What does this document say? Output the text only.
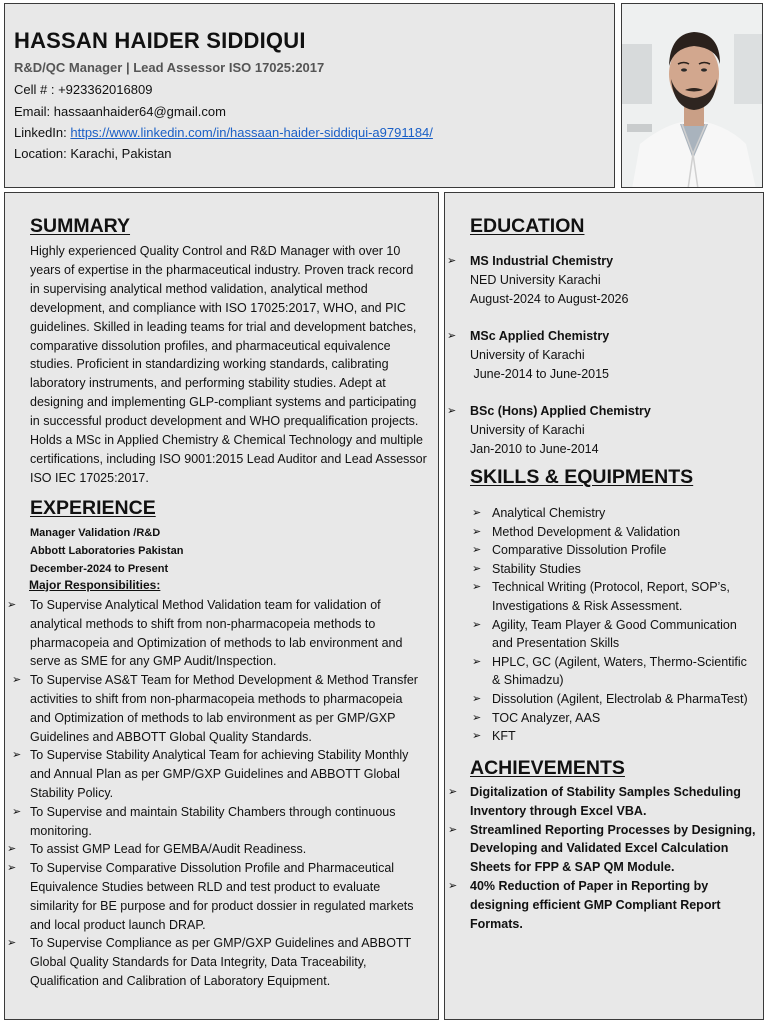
HASSAN HAIDER SIDDIQUI
R&D/QC Manager | Lead Assessor ISO 17025:2017
Cell # : +923362016809
Email: hassaanhaider64@gmail.com
LinkedIn: https://www.linkedin.com/in/hassaan-haider-siddiqui-a9791184/
Location: Karachi, Pakistan
SUMMARY
Highly experienced Quality Control and R&D Manager with over 10
years of expertise in the pharmaceutical industry. Proven track record
in supervising analytical method validation, analytical method
development, and compliance with ISO 17025:2017, WHO, and PIC
guidelines. Skilled in leading teams for trial and development batches,
comparative dissolution profiles, and pharmaceutical equivalence
studies. Proficient in standardizing working standards, calibrating
laboratory instruments, and performing stability studies. Adept at
designing and implementing GLP-compliant systems and participating
in successful product development and WHO prequalification projects.
Holds a MSc in Applied Chemistry & Chemical Technology and multiple
certifications, including ISO 9001:2015 Lead Auditor and Lead Assessor
ISO IEC 17025:2017.
EXPERIENCE
Manager Validation /R&D
Abbott Laboratories Pakistan
December-2024 to Present
Major Responsibilities:
➢ To Supervise Analytical Method Validation team for validation of
analytical methods to shift from non-pharmacopeia methods to
pharmacopeia and Optimization of methods to lab environment and
serve as SME for any GMP Audit/Inspection.
➢ To Supervise AS&T Team for Method Development & Method Transfer
activities to shift from non-pharmacopeia methods to pharmacopeia
and Optimization of methods to lab environment as per GMP/GXP
Guidelines and ABBOTT Global Quality Standards.
➢ To Supervise Stability Analytical Team for achieving Stability Monthly
and Annual Plan as per GMP/GXP Guidelines and ABBOTT Global
Stability Policy.
➢ To Supervise and maintain Stability Chambers through continuous
monitoring.
➢ To assist GMP Lead for GEMBA/Audit Readiness.
➢ To Supervise Comparative Dissolution Profile and Pharmaceutical
Equivalence Studies between RLD and test product to evaluate
similarity for BE purpose and for product dossier in regulated markets
and local product launch DRAP.
➢ To Supervise Compliance as per GMP/GXP Guidelines and ABBOTT
Global Quality Standards for Data Integrity, Data Traceability,
Qualification and Calibration of Laboratory Equipment.
EDUCATION
➢ MS Industrial Chemistry
NED University Karachi
August-2024 to August-2026
➢ MSc Applied Chemistry
University of Karachi
June-2014 to June-2015
➢ BSc (Hons) Applied Chemistry
University of Karachi
Jan-2010 to June-2014
SKILLS & EQUIPMENTS
➢ Analytical Chemistry
➢ Method Development & Validation
➢ Comparative Dissolution Profile
➢ Stability Studies
➢ Technical Writing (Protocol, Report, SOP’s,
Investigations & Risk Assessment.
➢ Agility, Team Player & Good Communication
and Presentation Skills
➢ HPLC, GC (Agilent, Waters, Thermo-Scientific
& Shimadzu)
➢ Dissolution (Agilent, Electrolab & PharmaTest)
➢ TOC Analyzer, AAS
➢ KFT
ACHIEVEMENTS
➢ Digitalization of Stability Samples Scheduling
Inventory through Excel VBA.
➢ Streamlined Reporting Processes by Designing,
Developing and Validated Excel Calculation
Sheets for FPP & SAP QM Module.
➢ 40% Reduction of Paper in Reporting by
designing efficient GMP Compliant Report
Formats.
